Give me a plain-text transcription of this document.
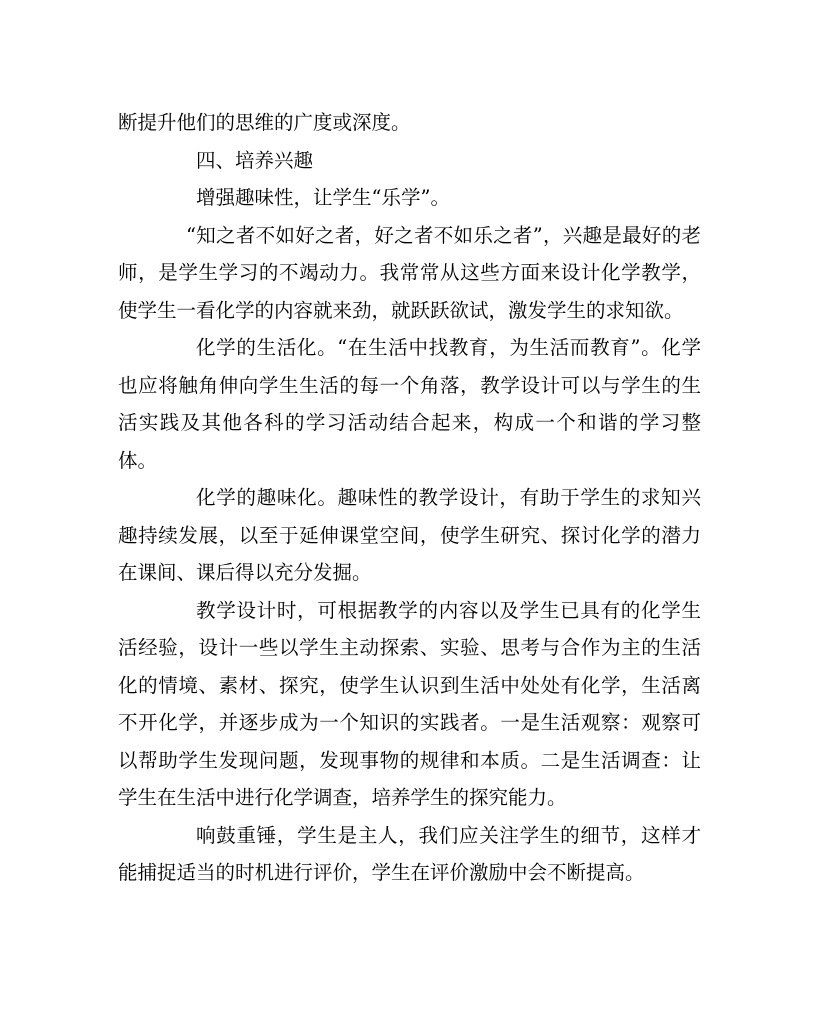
断提升他们的思维的广度或深度。

四、培养兴趣

增强趣味性，让学生“乐学”。

“知之者不如好之者，好之者不如乐之者”，兴趣是最好的老师，是学生学习的不竭动力。我常常从这些方面来设计化学教学，使学生一看化学的内容就来劲，就跃跃欲试，激发学生的求知欲。

化学的生活化。“在生活中找教育，为生活而教育”。化学也应将触角伸向学生生活的每一个角落，教学设计可以与学生的生活实践及其他各科的学习活动结合起来，构成一个和谐的学习整体。

化学的趣味化。趣味性的教学设计，有助于学生的求知兴趣持续发展，以至于延伸课堂空间，使学生研究、探讨化学的潜力在课间、课后得以充分发掘。

教学设计时，可根据教学的内容以及学生已具有的化学生活经验，设计一些以学生主动探索、实验、思考与合作为主的生活化的情境、素材、探究，使学生认识到生活中处处有化学，生活离不开化学，并逐步成为一个知识的实践者。一是生活观察：观察可以帮助学生发现问题，发现事物的规律和本质。二是生活调查：让学生在生活中进行化学调查，培养学生的探究能力。

响鼓重锤，学生是主人，我们应关注学生的细节，这样才能捕捉适当的时机进行评价，学生在评价激励中会不断提高。
